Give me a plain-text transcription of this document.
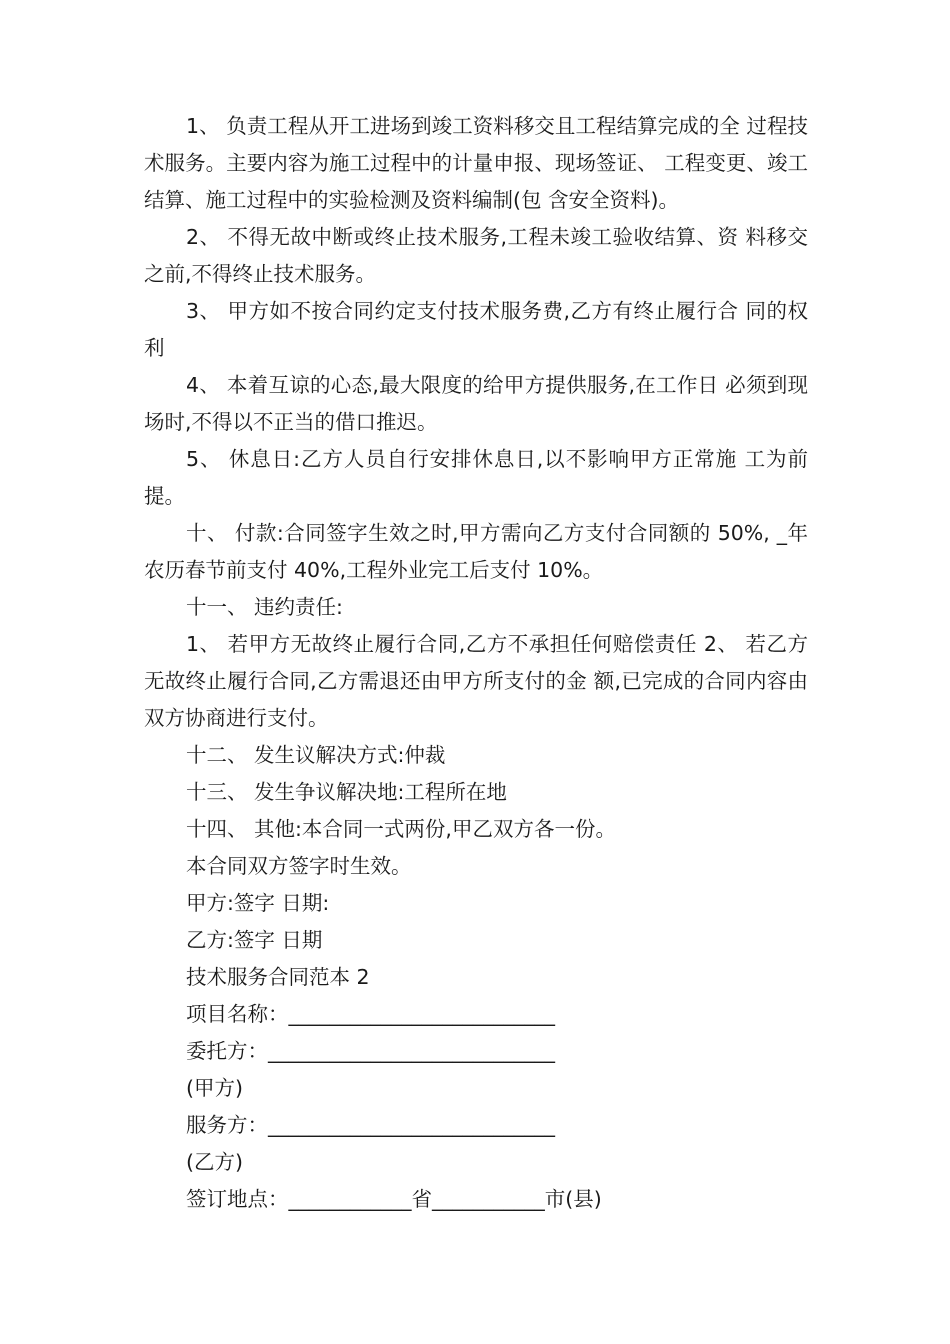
1、 负责工程从开工进场到竣工资料移交且工程结算完成的全 过程技术服务。主要内容为施工过程中的计量申报、现场签证、 工程变更、竣工结算、施工过程中的实验检测及资料编制(包 含安全资料)。

2、 不得无故中断或终止技术服务,工程未竣工验收结算、资 料移交之前,不得终止技术服务。

3、 甲方如不按合同约定支付技术服务费,乙方有终止履行合 同的权利

4、 本着互谅的心态,最大限度的给甲方提供服务,在工作日 必须到现场时,不得以不正当的借口推迟。

5、 休息日:乙方人员自行安排休息日,以不影响甲方正常施 工为前提。

十、 付款:合同签字生效之时,甲方需向乙方支付合同额的 50%, _年农历春节前支付 40%,工程外业完工后支付 10%。

十一、 违约责任:

1、 若甲方无故终止履行合同,乙方不承担任何赔偿责任 2、 若乙方无故终止履行合同,乙方需退还由甲方所支付的金 额,已完成的合同内容由双方协商进行支付。

十二、 发生议解决方式:仲裁

十三、 发生争议解决地:工程所在地

十四、 其他:本合同一式两份,甲乙双方各一份。

本合同双方签字时生效。

甲方:签字 日期:

乙方:签字 日期

技术服务合同范本 2

项目名称：__________________________

委托方：____________________________

(甲方)

服务方：____________________________

(乙方)

签订地点：____________省___________市(县)
